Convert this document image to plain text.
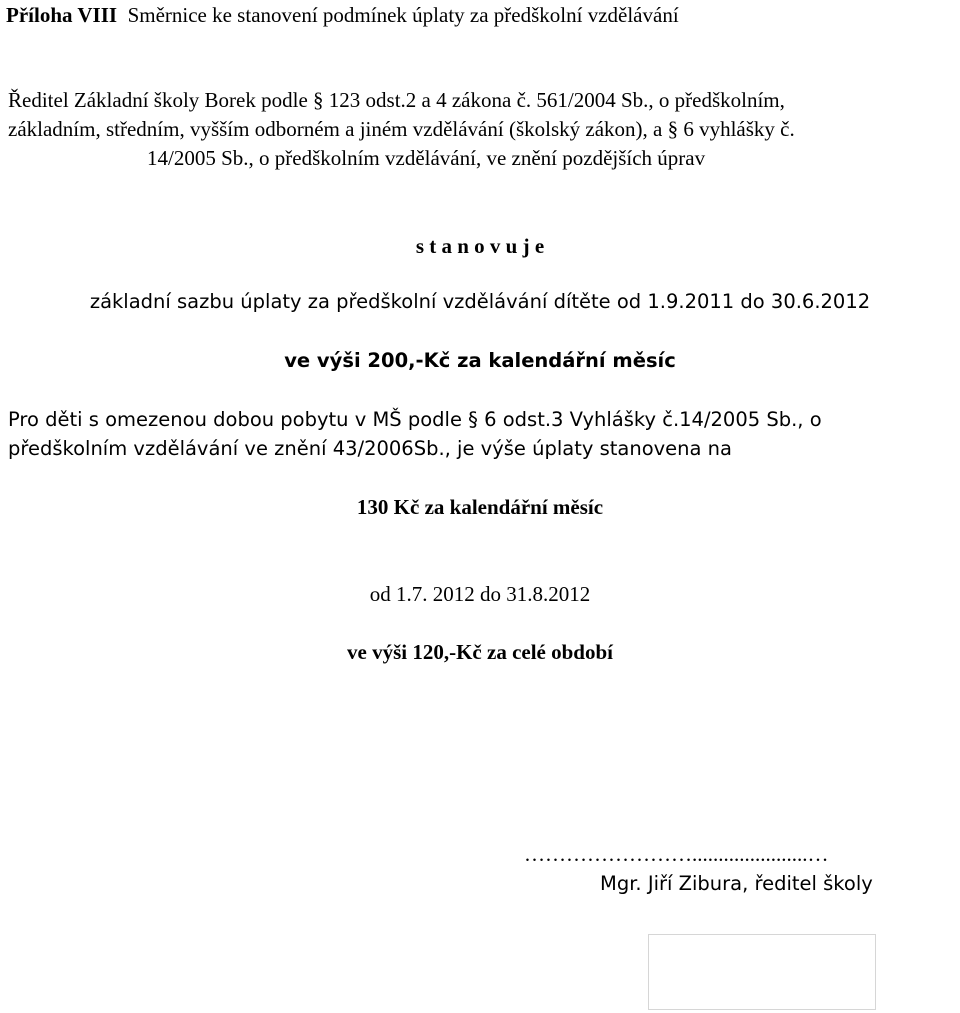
Příloha VIII Směrnice ke stanovení podmínek úplaty za předškolní vzdělávání
Ředitel Základní školy Borek podle § 123 odst.2 a 4 zákona č. 561/2004 Sb., o předškolním,
základním, středním, vyšším odborném a jiném vzdělávání (školský zákon), a § 6 vyhlášky č.
14/2005 Sb., o předškolním vzdělávání, ve znění pozdějších úprav
s t a n o v u j e
základní sazbu úplaty za předškolní vzdělávání dítěte od 1.9.2011 do 30.6.2012
ve výši 200,-Kč za kalendářní měsíc
Pro děti s omezenou dobou pobytu v MŠ podle § 6 odst.3 Vyhlášky č.14/2005 Sb., o
předškolním vzdělávání ve znění 43/2006Sb., je výše úplaty stanovena na
130 Kč za kalendářní měsíc
od 1.7. 2012 do 31.8.2012
ve výši 120,-Kč za celé období
……………………......................…
Mgr. Jiří Zibura, ředitel školy
